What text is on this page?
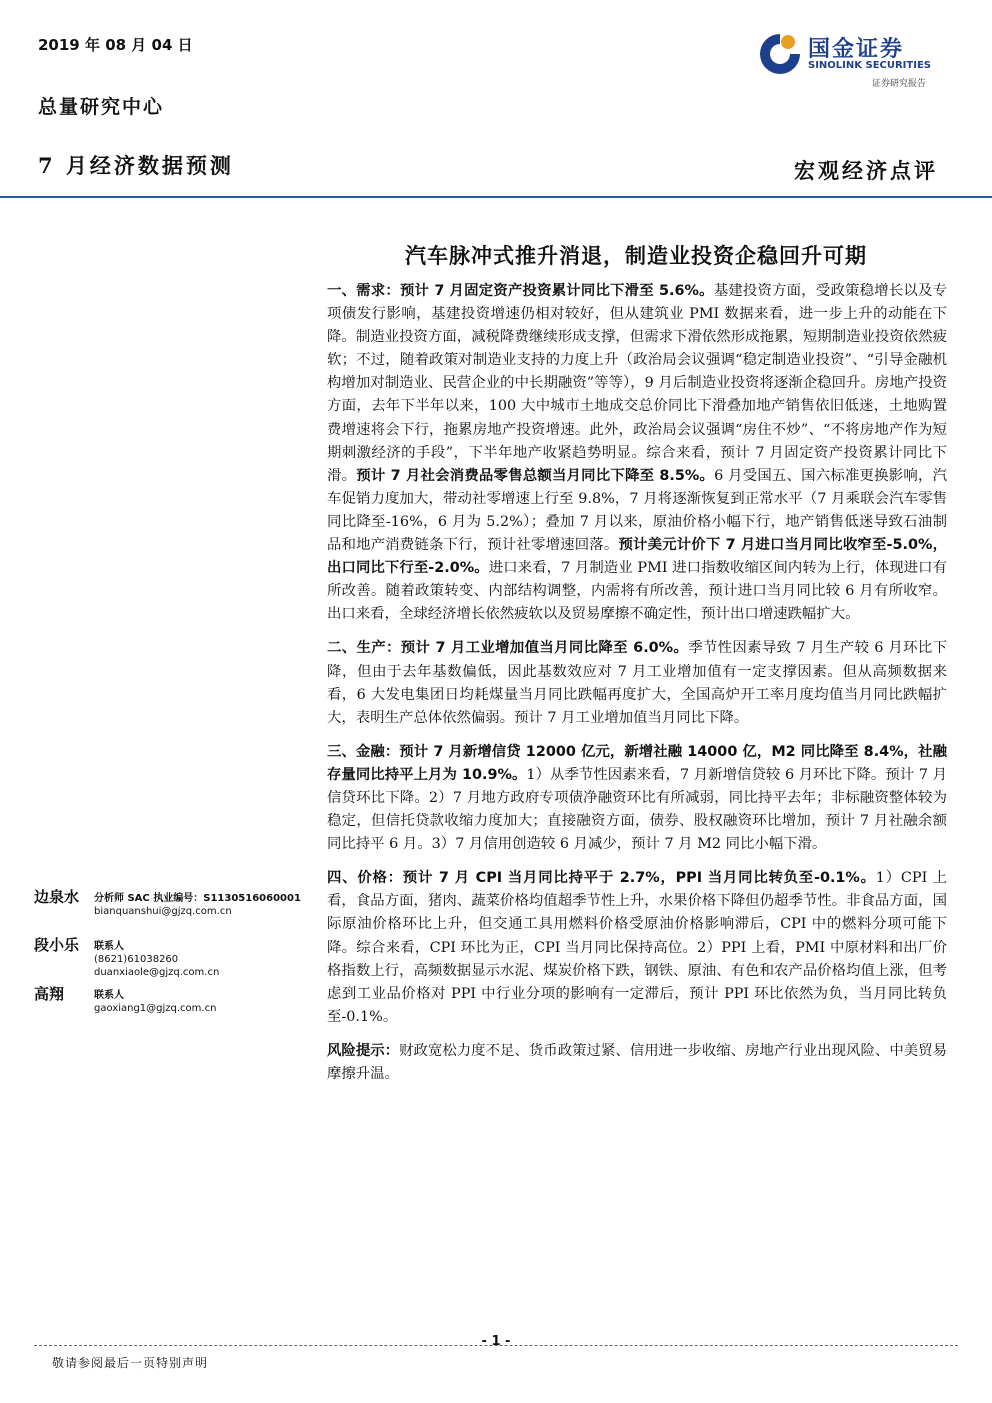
2019 年 08 月 04 日
总量研究中心
7 月经济数据预测	宏观经济点评
国金证券
SINOLINK SECURITIES
证券研究报告
汽车脉冲式推升消退，制造业投资企稳回升可期

一、需求：预计 7 月固定资产投资累计同比下滑至 5.6%。基建投资方面，受政策稳增长以及专项债发行影响，基建投资增速仍相对较好，但从建筑业 PMI 数据来看，进一步上升的动能在下降。制造业投资方面，减税降费继续形成支撑，但需求下滑依然形成拖累，短期制造业投资依然疲软；不过，随着政策对制造业支持的力度上升（政治局会议强调“稳定制造业投资”、“引导金融机构增加对制造业、民营企业的中长期融资”等等），9 月后制造业投资将逐渐企稳回升。房地产投资方面，去年下半年以来，100 大中城市土地成交总价同比下滑叠加地产销售依旧低迷，土地购置费增速将会下行，拖累房地产投资增速。此外，政治局会议强调“房住不炒”、“不将房地产作为短期刺激经济的手段”，下半年地产收紧趋势明显。综合来看，预计 7 月固定资产投资累计同比下滑。预计 7 月社会消费品零售总额当月同比下降至 8.5%。6 月受国五、国六标准更换影响，汽车促销力度加大，带动社零增速上行至 9.8%，7 月将逐渐恢复到正常水平（7 月乘联会汽车零售同比降至-16%，6 月为 5.2%）；叠加 7 月以来，原油价格小幅下行，地产销售低迷导致石油制品和地产消费链条下行，预计社零增速回落。预计美元计价下 7 月进口当月同比收窄至-5.0%，出口同比下行至-2.0%。进口来看，7 月制造业 PMI 进口指数收缩区间内转为上行，体现进口有所改善。随着政策转变、内部结构调整，内需将有所改善，预计进口当月同比较 6 月有所收窄。出口来看，全球经济增长依然疲软以及贸易摩擦不确定性，预计出口增速跌幅扩大。

二、生产：预计 7 月工业增加值当月同比降至 6.0%。季节性因素导致 7 月生产较 6 月环比下降，但由于去年基数偏低，因此基数效应对 7 月工业增加值有一定支撑因素。但从高频数据来看，6 大发电集团日均耗煤量当月同比跌幅再度扩大，全国高炉开工率月度均值当月同比跌幅扩大，表明生产总体依然偏弱。预计 7 月工业增加值当月同比下降。

三、金融：预计 7 月新增信贷 12000 亿元，新增社融 14000 亿，M2 同比降至 8.4%，社融存量同比持平上月为 10.9%。1）从季节性因素来看，7 月新增信贷较 6 月环比下降。预计 7 月信贷环比下降。2）7 月地方政府专项债净融资环比有所减弱，同比持平去年；非标融资整体较为稳定，但信托贷款收缩力度加大；直接融资方面，债券、股权融资环比增加，预计 7 月社融余额同比持平 6 月。3）7 月信用创造较 6 月减少，预计 7 月 M2 同比小幅下滑。

四、价格：预计 7 月 CPI 当月同比持平于 2.7%，PPI 当月同比转负至-0.1%。1）CPI 上看，食品方面，猪肉、蔬菜价格均值超季节性上升，水果价格下降但仍超季节性。非食品方面，国际原油价格环比上升，但交通工具用燃料价格受原油价格影响滞后，CPI 中的燃料分项可能下降。综合来看，CPI 环比为正，CPI 当月同比保持高位。2）PPI 上看，PMI 中原材料和出厂价格指数上行，高频数据显示水泥、煤炭价格下跌，钢铁、原油、有色和农产品价格均值上涨，但考虑到工业品价格对 PPI 中行业分项的影响有一定滞后，预计 PPI 环比依然为负，当月同比转负至-0.1%。

风险提示：财政宽松力度不足、货币政策过紧、信用进一步收缩、房地产行业出现风险、中美贸易摩擦升温。

边泉水 分析师 SAC 执业编号：S1130516060001
bianquanshui@gjzq.com.cn
段小乐 联系人
(8621)61038260
duanxiaole@gjzq.com.cn
高翔	联系人
gaoxiang1@gjzq.com.cn
- 1 -
敬请参阅最后一页特别声明
